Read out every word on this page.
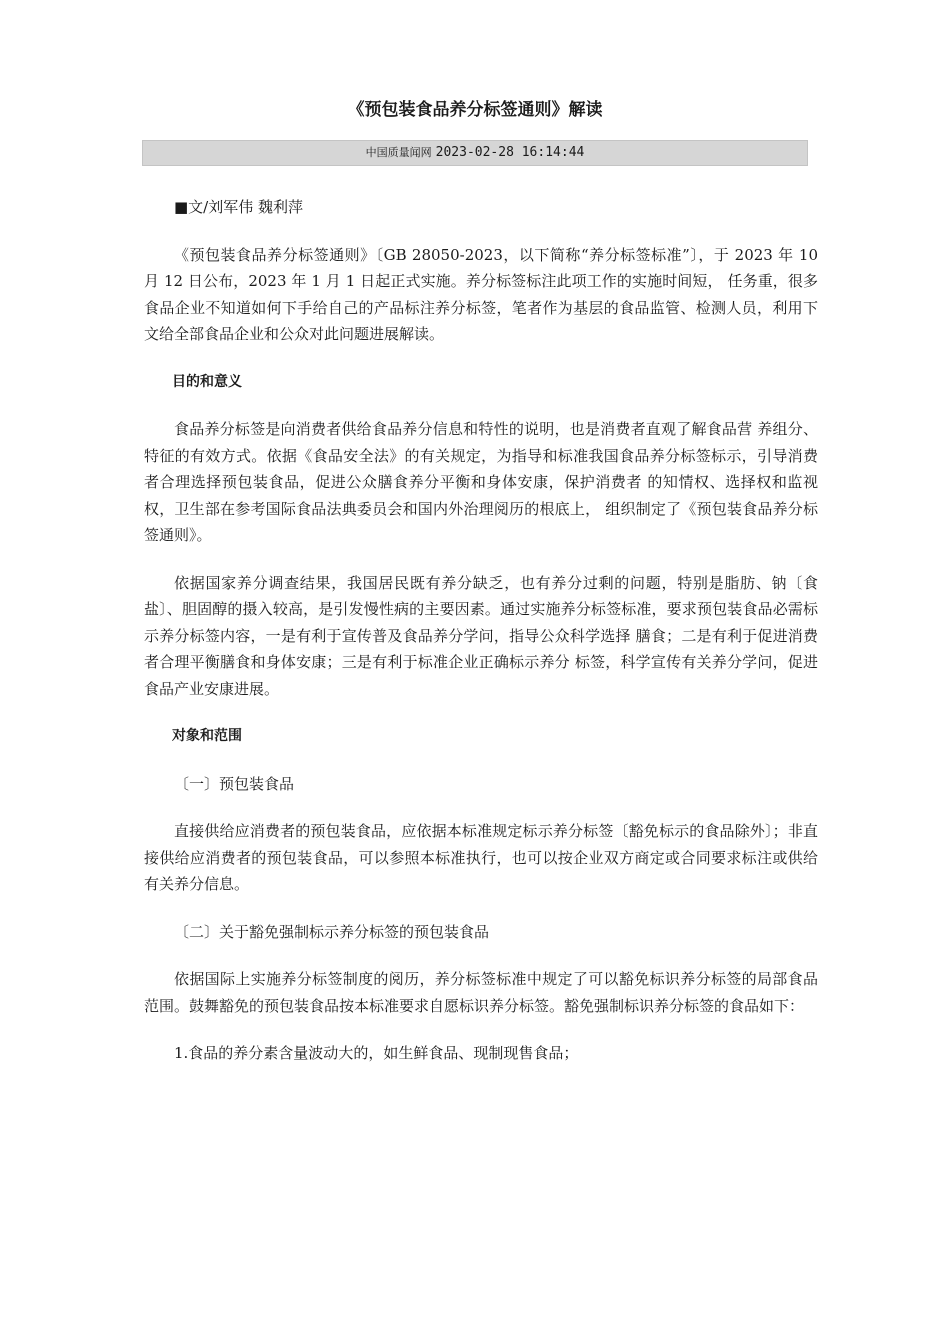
《预包装食品养分标签通则》解读
中国质量闻网 2023-02-28 16:14:44

■文/刘军伟 魏利萍

《预包装食品养分标签通则》〔GB 28050-2023，以下简称“养分标签标准”〕，于 2023 年 10 月 12 日公布，2023 年 1 月 1 日起正式实施。养分标签标注此项工作的实施时间短， 任务重，很多食品企业不知道如何下手给自己的产品标注养分标签，笔者作为基层的食品监管、检测人员，利用下文给全部食品企业和公众对此问题进展解读。

目的和意义

食品养分标签是向消费者供给食品养分信息和特性的说明，也是消费者直观了解食品营 养组分、特征的有效方式。依据《食品安全法》的有关规定，为指导和标准我国食品养分标签标示，引导消费者合理选择预包装食品，促进公众膳食养分平衡和身体安康，保护消费者 的知情权、选择权和监视权，卫生部在参考国际食品法典委员会和国内外治理阅历的根底上， 组织制定了《预包装食品养分标签通则》。

依据国家养分调查结果，我国居民既有养分缺乏，也有养分过剩的问题，特别是脂肪、钠〔食盐〕、胆固醇的摄入较高，是引发慢性病的主要因素。通过实施养分标签标准，要求预包装食品必需标示养分标签内容，一是有利于宣传普及食品养分学问，指导公众科学选择 膳食；二是有利于促进消费者合理平衡膳食和身体安康；三是有利于标准企业正确标示养分 标签，科学宣传有关养分学问，促进食品产业安康进展。

对象和范围

〔一〕预包装食品

直接供给应消费者的预包装食品，应依据本标准规定标示养分标签〔豁免标示的食品除外〕；非直接供给应消费者的预包装食品，可以参照本标准执行，也可以按企业双方商定或合同要求标注或供给有关养分信息。

〔二〕关于豁免强制标示养分标签的预包装食品

依据国际上实施养分标签制度的阅历，养分标签标准中规定了可以豁免标识养分标签的局部食品范围。鼓舞豁免的预包装食品按本标准要求自愿标识养分标签。豁免强制标识养分标签的食品如下：

1.食品的养分素含量波动大的，如生鲜食品、现制现售食品；
